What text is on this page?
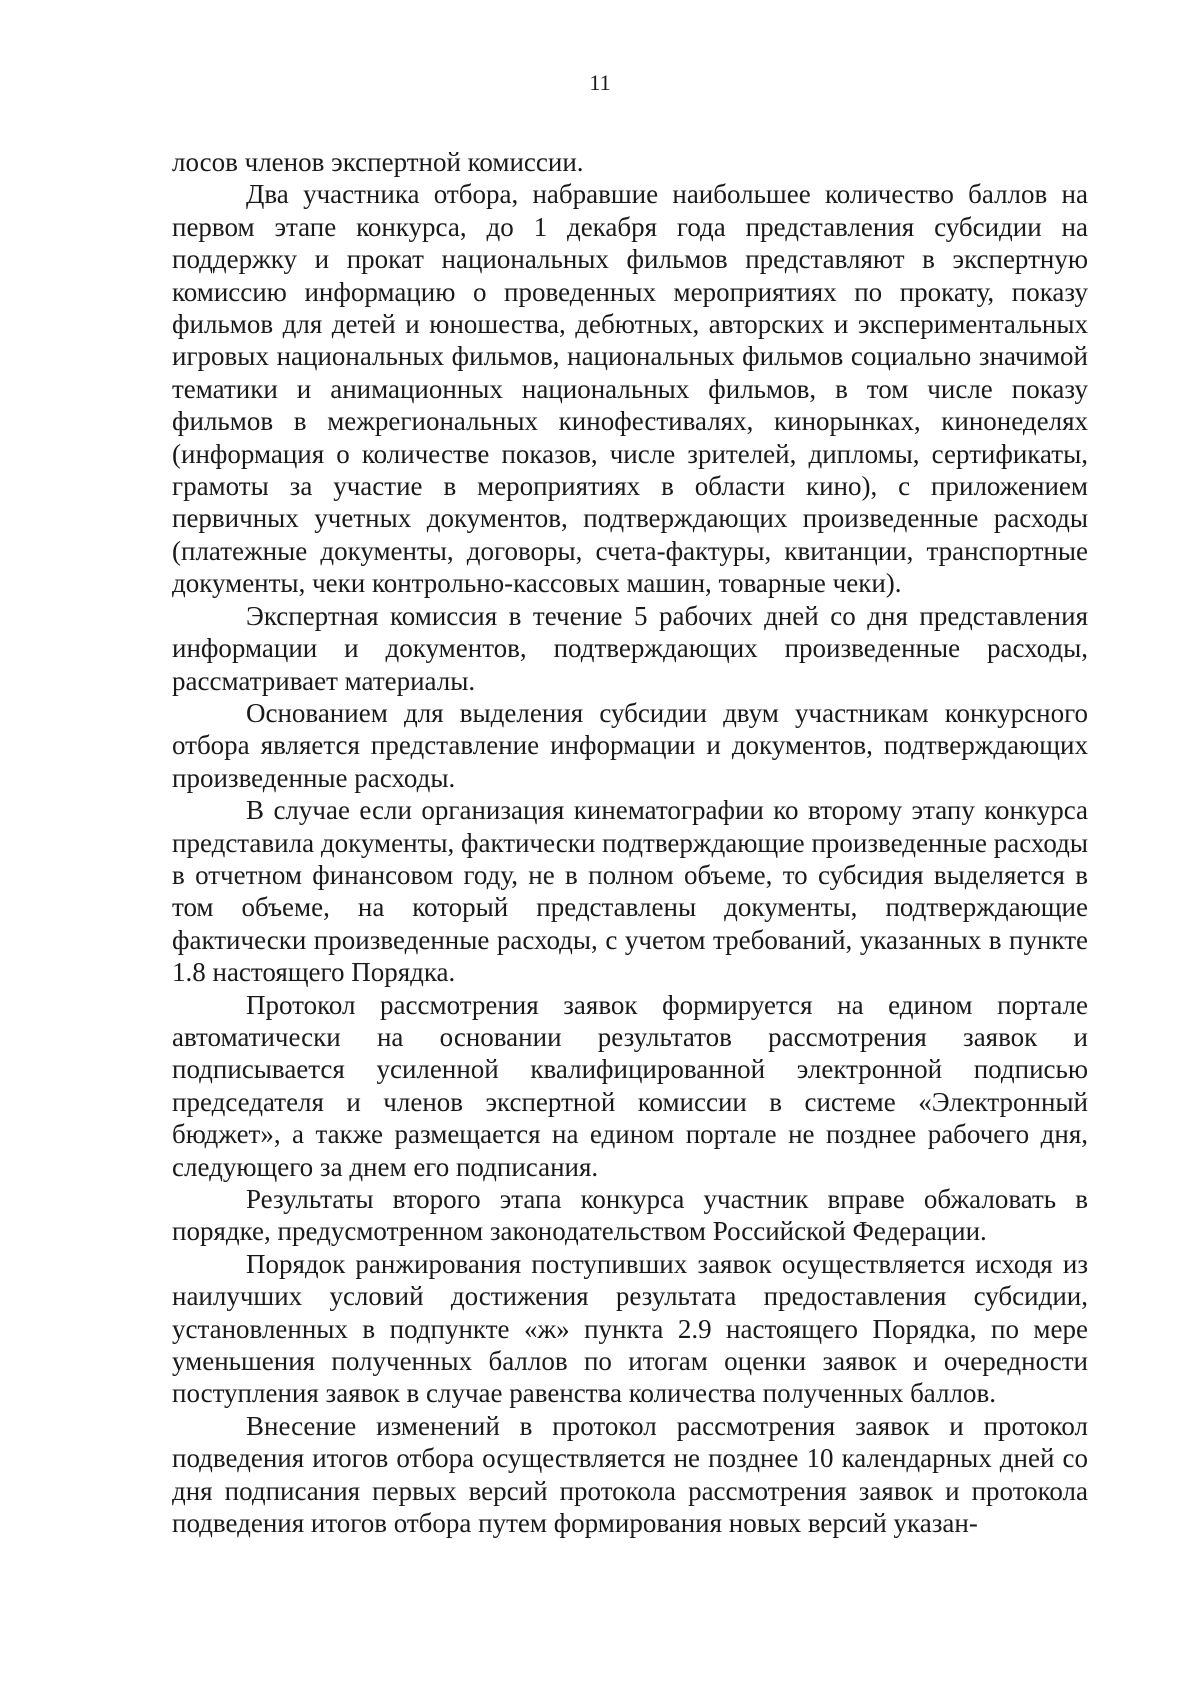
11

лосов членов экспертной комиссии.

Два участника отбора, набравшие наибольшее количество баллов на первом этапе конкурса, до 1 декабря года представления субсидии на поддержку и прокат национальных фильмов представляют в экспертную комиссию информацию о проведенных мероприятиях по прокату, показу фильмов для детей и юношества, дебютных, авторских и экспериментальных игровых национальных фильмов, национальных фильмов социально значимой тематики и анимационных национальных фильмов, в том числе показу фильмов в межрегиональных кинофестивалях, кинорынках, кинонеделях (информация о количестве показов, числе зрителей, дипломы, сертификаты, грамоты за участие в мероприятиях в области кино), с приложением первичных учетных документов, подтверждающих произведенные расходы (платежные документы, договоры, счета-фактуры, квитанции, транспортные документы, чеки контрольно-кассовых машин, товарные чеки).

Экспертная комиссия в течение 5 рабочих дней со дня представления информации и документов, подтверждающих произведенные расходы, рассматривает материалы.

Основанием для выделения субсидии двум участникам конкурсного отбора является представление информации и документов, подтверждающих произведенные расходы.

В случае если организация кинематографии ко второму этапу конкурса представила документы, фактически подтверждающие произведенные расходы в отчетном финансовом году, не в полном объеме, то субсидия выделяется в том объеме, на который представлены документы, подтверждающие фактически произведенные расходы, с учетом требований, указанных в пункте 1.8 настоящего Порядка.

Протокол рассмотрения заявок формируется на едином портале автоматически на основании результатов рассмотрения заявок и подписывается усиленной квалифицированной электронной подписью председателя и членов экспертной комиссии в системе «Электронный бюджет», а также размещается на едином портале не позднее рабочего дня, следующего за днем его подписания.

Результаты второго этапа конкурса участник вправе обжаловать в порядке, предусмотренном законодательством Российской Федерации.

Порядок ранжирования поступивших заявок осуществляется исходя из наилучших условий достижения результата предоставления субсидии, установленных в подпункте «ж» пункта 2.9 настоящего Порядка, по мере уменьшения полученных баллов по итогам оценки заявок и очередности поступления заявок в случае равенства количества полученных баллов.

Внесение изменений в протокол рассмотрения заявок и протокол подведения итогов отбора осуществляется не позднее 10 календарных дней со дня подписания первых версий протокола рассмотрения заявок и протокола подведения итогов отбора путем формирования новых версий указан-
